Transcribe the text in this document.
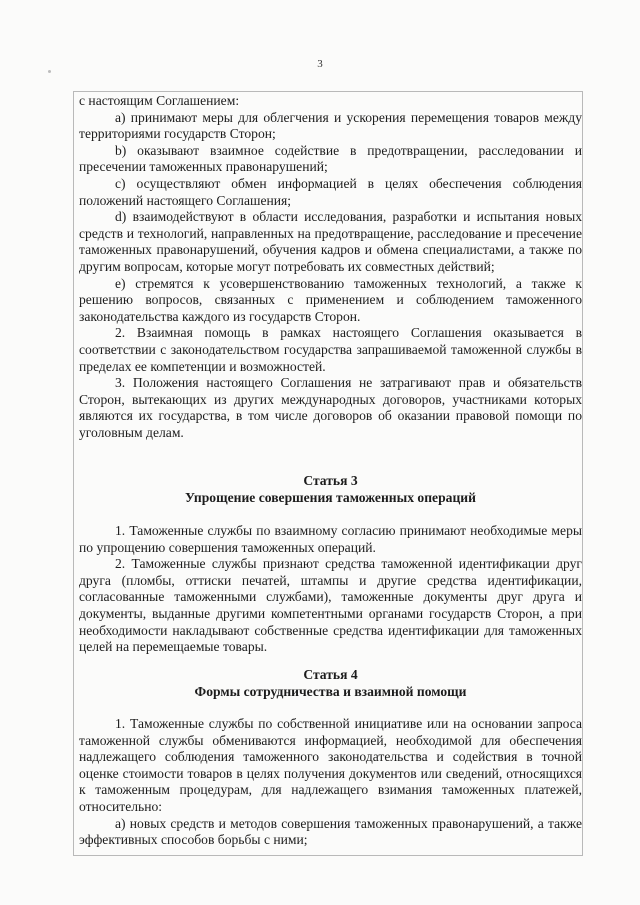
3

с настоящим Соглашением:

a) принимают меры для облегчения и ускорения перемещения товаров между территориями государств Сторон;

b) оказывают взаимное содействие в предотвращении, расследовании и пресечении таможенных правонарушений;

c) осуществляют обмен информацией в целях обеспечения соблюдения положений настоящего Соглашения;

d) взаимодействуют в области исследования, разработки и испытания новых средств и технологий, направленных на предотвращение, расследование и пресечение таможенных правонарушений, обучения кадров и обмена специалистами, а также по другим вопросам, которые могут потребовать их совместных действий;

e) стремятся к усовершенствованию таможенных технологий, а также к решению вопросов, связанных с применением и соблюдением таможенного законодательства каждого из государств Сторон.

2. Взаимная помощь в рамках настоящего Соглашения оказывается в соответствии с законодательством государства запрашиваемой таможенной службы в пределах ее компетенции и возможностей.

3. Положения настоящего Соглашения не затрагивают прав и обязательств Сторон, вытекающих из других международных договоров, участниками которых являются их государства, в том числе договоров об оказании правовой помощи по уголовным делам.

Статья 3
Упрощение совершения таможенных операций

1. Таможенные службы по взаимному согласию принимают необходимые меры по упрощению совершения таможенных операций.

2. Таможенные службы признают средства таможенной идентификации друг друга (пломбы, оттиски печатей, штампы и другие средства идентификации, согласованные таможенными службами), таможенные документы друг друга и документы, выданные другими компетентными органами государств Сторон, а при необходимости накладывают собственные средства идентификации для таможенных целей на перемещаемые товары.

Статья 4
Формы сотрудничества и взаимной помощи

1. Таможенные службы по собственной инициативе или на основании запроса таможенной службы обмениваются информацией, необходимой для обеспечения надлежащего соблюдения таможенного законодательства и содействия в точной оценке стоимости товаров в целях получения документов или сведений, относящихся к таможенным процедурам, для надлежащего взимания таможенных платежей, относительно:

a) новых средств и методов совершения таможенных правонарушений, а также эффективных способов борьбы с ними;
